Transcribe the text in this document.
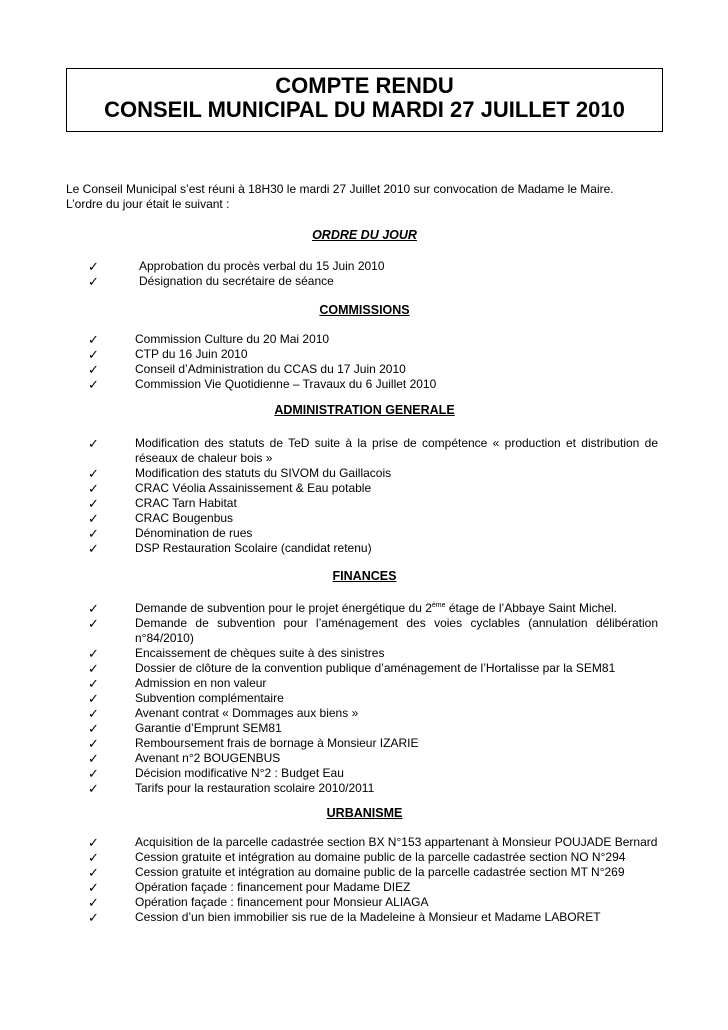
COMPTE RENDU
CONSEIL MUNICIPAL DU MARDI 27 JUILLET 2010
Le Conseil Municipal s’est réuni à 18H30 le mardi 27 Juillet 2010 sur convocation de Madame le Maire.
L’ordre du jour était le suivant :
ORDRE DU JOUR
✓	Approbation du procès verbal du 15 Juin 2010
✓	Désignation du secrétaire de séance
COMMISSIONS
✓	Commission Culture du 20 Mai 2010
✓	CTP du 16 Juin 2010
✓	Conseil d’Administration du CCAS du 17 Juin 2010
✓	Commission Vie Quotidienne – Travaux du 6 Juillet 2010
ADMINISTRATION GENERALE
✓	Modification des statuts de TeD suite à la prise de compétence « production et distribution de réseaux de chaleur bois »
✓	Modification des statuts du SIVOM du Gaillacois
✓	CRAC Véolia Assainissement & Eau potable
✓	CRAC Tarn Habitat
✓	CRAC Bougenbus
✓	Dénomination de rues
✓	DSP Restauration Scolaire (candidat retenu)
FINANCES
✓	Demande de subvention pour le projet énergétique du 2ème étage de l’Abbaye Saint Michel.
✓	Demande de subvention pour l’aménagement des voies cyclables (annulation délibération n°84/2010)
✓	Encaissement de chèques suite à des sinistres
✓	Dossier de clôture de la convention publique d’aménagement de l’Hortalisse par la SEM81
✓	Admission en non valeur
✓	Subvention complémentaire
✓	Avenant contrat « Dommages aux biens »
✓	Garantie d’Emprunt SEM81
✓	Remboursement frais de bornage à Monsieur IZARIE
✓	Avenant n°2 BOUGENBUS
✓	Décision modificative N°2 : Budget Eau
✓	Tarifs pour la restauration scolaire 2010/2011
URBANISME
✓	Acquisition de la parcelle cadastrée section BX N°153 appartenant à Monsieur POUJADE Bernard
✓	Cession gratuite et intégration au domaine public de la parcelle cadastrée section NO N°294
✓	Cession gratuite et intégration au domaine public de la parcelle cadastrée section MT N°269
✓	Opération façade : financement pour Madame DIEZ
✓	Opération façade : financement pour Monsieur ALIAGA
✓	Cession d’un bien immobilier sis rue de la Madeleine à Monsieur et Madame LABORET
